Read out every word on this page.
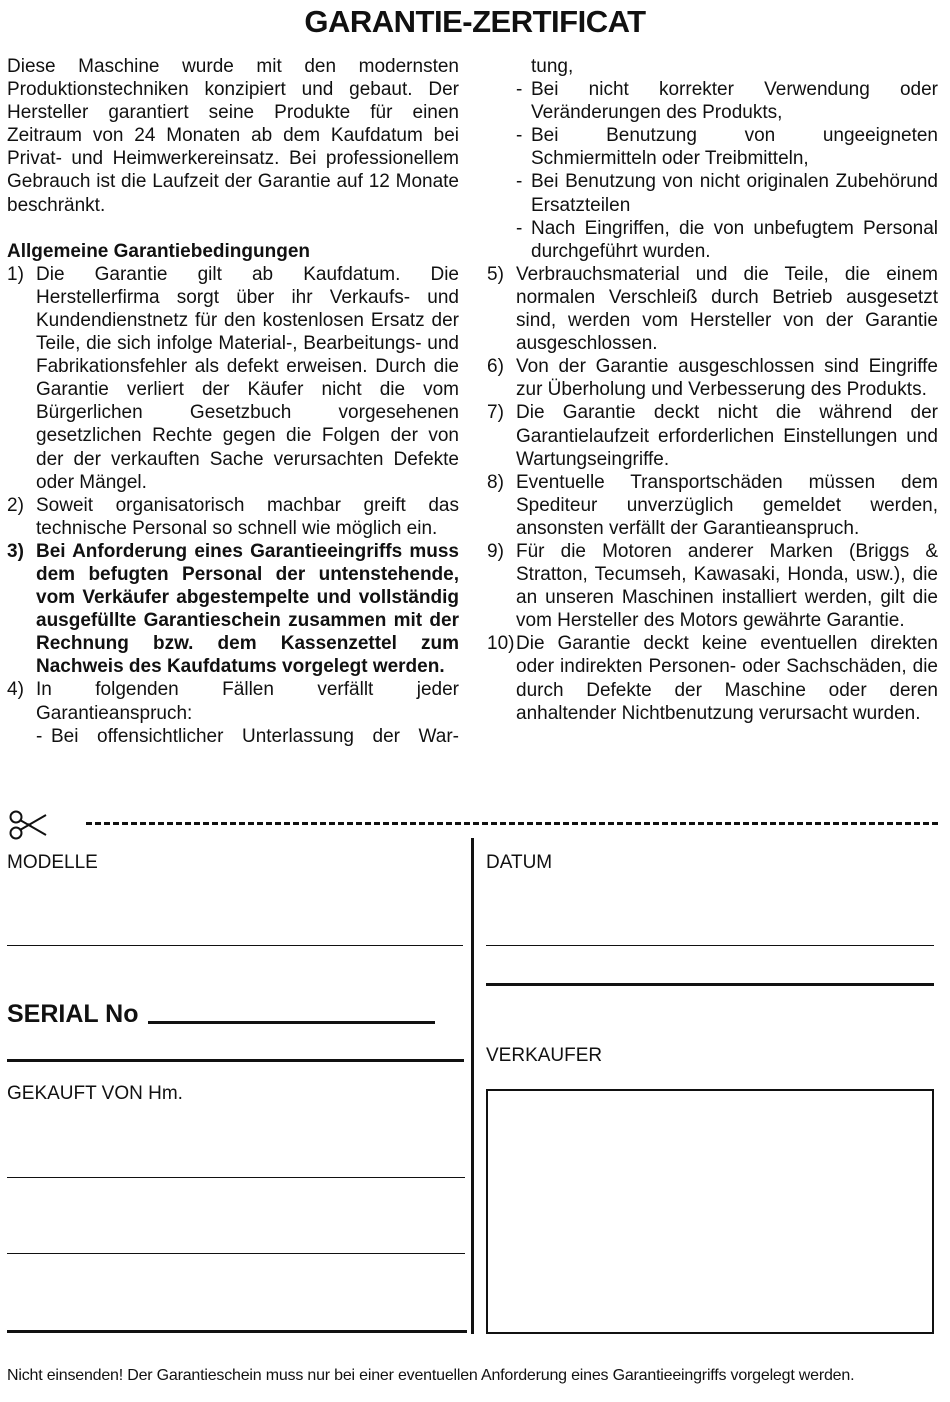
GARANTIE-ZERTIFICAT

Diese Maschine wurde mit den modernsten Produktionstechniken konzipiert und gebaut. Der Hersteller garantiert seine Produkte für einen Zeitraum von 24 Monaten ab dem Kaufdatum bei Privat- und Heimwerkereinsatz. Bei professionellem Gebrauch ist die Laufzeit der Garantie auf 12 Monate beschränkt.

Allgemeine Garantiebedingungen

1) Die Garantie gilt ab Kaufdatum. Die Herstellerfirma sorgt über ihr Verkaufs- und Kundendienstnetz für den kostenlosen Ersatz der Teile, die sich infolge Material-, Bearbeitungs- und Fabrikationsfehler als defekt erweisen. Durch die Garantie verliert der Käufer nicht die vom Bürgerlichen Gesetzbuch vorgesehenen gesetzlichen Rechte gegen die Folgen der von der der verkauften Sache verursachten Defekte oder Mängel.
2) Soweit organisatorisch machbar greift das technische Personal so schnell wie möglich ein.
3) Bei Anforderung eines Garantieeingriffs muss dem befugten Personal der untenstehende, vom Verkäufer abgestempelte und vollständig ausgefüllte Garantieschein zusammen mit der Rechnung bzw. dem Kassenzettel zum Nachweis des Kaufdatums vorgelegt werden.
4) In folgenden Fällen verfällt jeder Garantieanspruch:
- Bei offensichtlicher Unterlassung der War-
tung,
- Bei nicht korrekter Verwendung oder Veränderungen des Produkts,
- Bei Benutzung von ungeeigneten Schmiermitteln oder Treibmitteln,
- Bei Benutzung von nicht originalen Zubehörund Ersatzteilen
- Nach Eingriffen, die von unbefugtem Personal durchgeführt wurden.
5) Verbrauchsmaterial und die Teile, die einem normalen Verschleiß durch Betrieb ausgesetzt sind, werden vom Hersteller von der Garantie ausgeschlossen.
6) Von der Garantie ausgeschlossen sind Eingriffe zur Überholung und Verbesserung des Produkts.
7) Die Garantie deckt nicht die während der Garantielaufzeit erforderlichen Einstellungen und Wartungseingriffe.
8) Eventuelle Transportschäden müssen dem Spediteur unverzüglich gemeldet werden, ansonsten verfällt der Garantieanspruch.
9) Für die Motoren anderer Marken (Briggs & Stratton, Tecumseh, Kawasaki, Honda, usw.), die an unseren Maschinen installiert werden, gilt die vom Hersteller des Motors gewährte Garantie.
10) Die Garantie deckt keine eventuellen direkten oder indirekten Personen- oder Sachschäden, die durch Defekte der Maschine oder deren anhaltender Nichtbenutzung verursacht wurden.
MODELLE
SERIAL No
GEKAUFT VON Hm.
DATUM
VERKAUFER
Nicht einsenden! Der Garantieschein muss nur bei einer eventuellen Anforderung eines Garantieeingriffs vorgelegt werden.
